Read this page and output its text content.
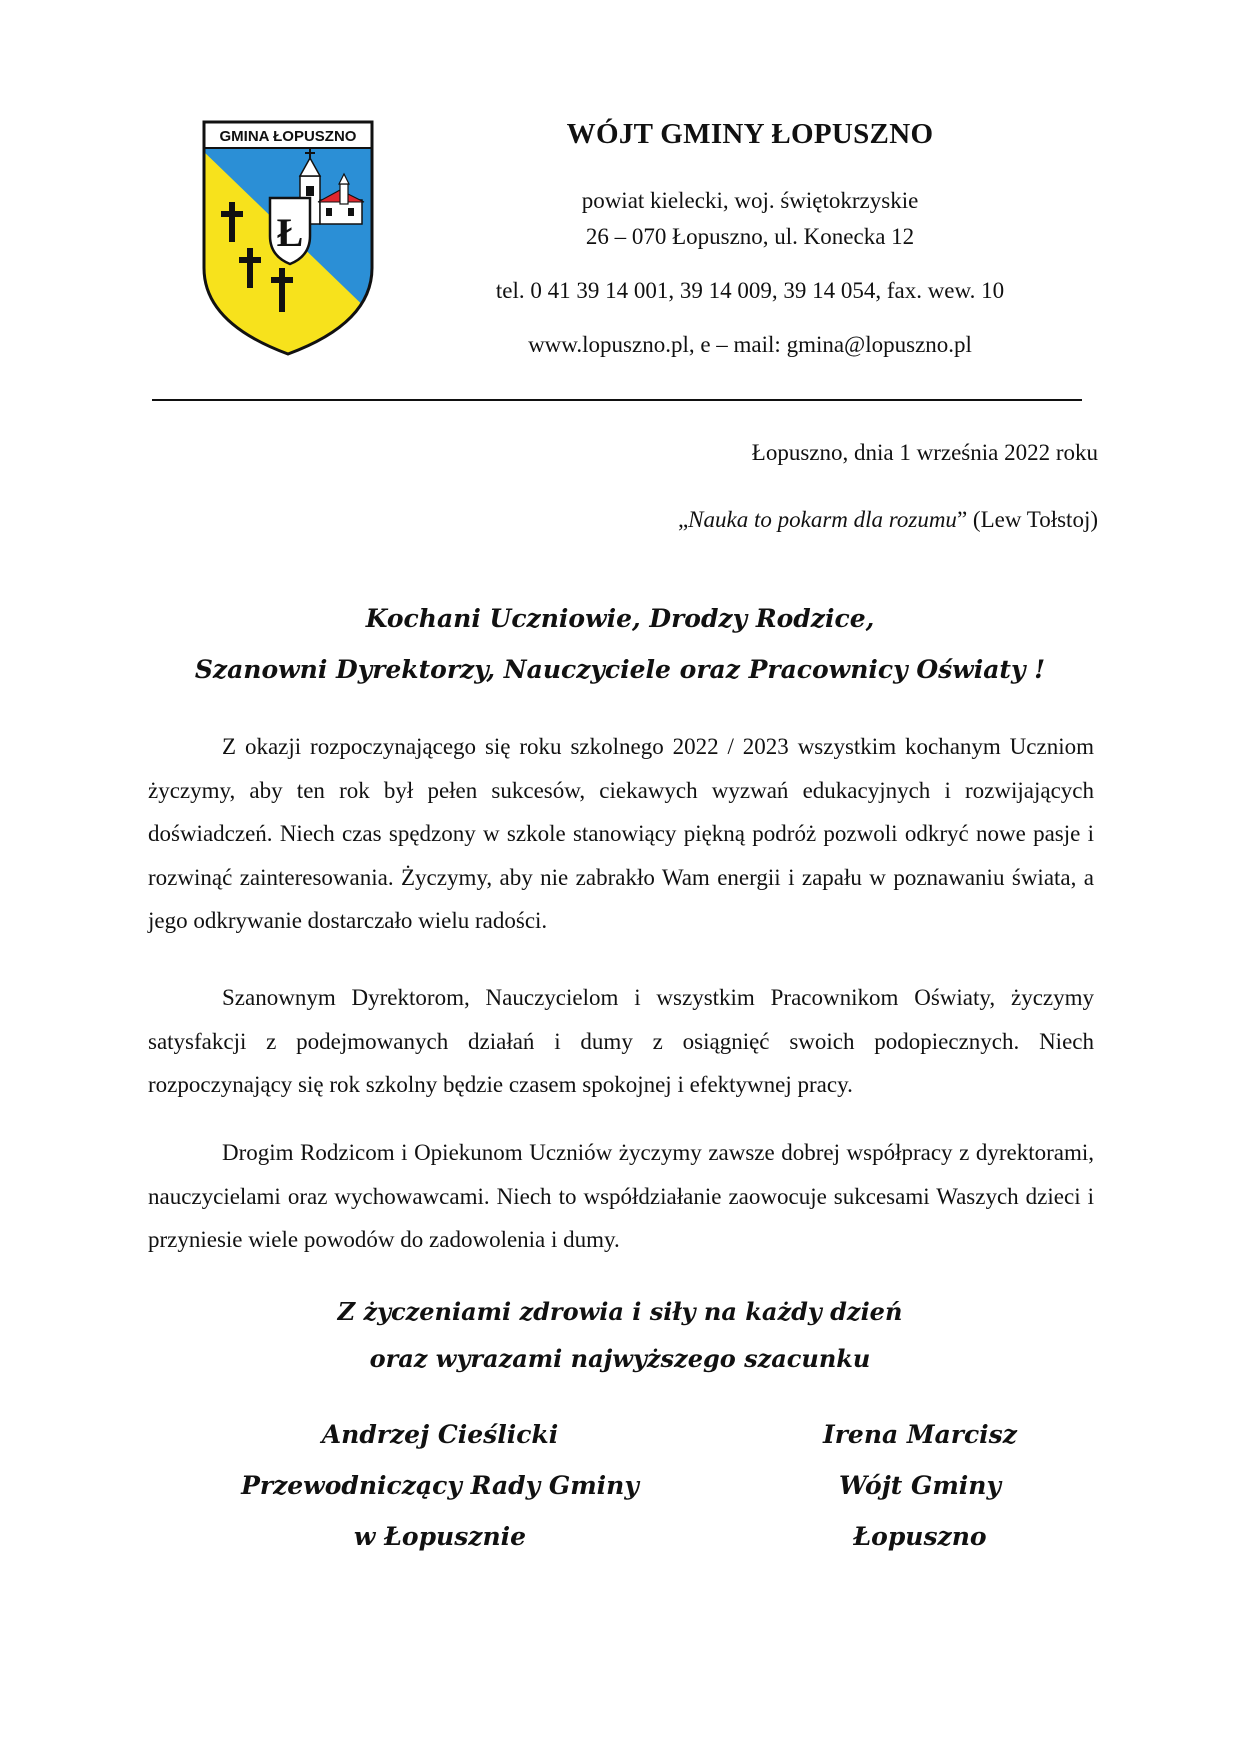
GMINA ŁOPUSZNO
Ł
WÓJT GMINY ŁOPUSZNO
powiat kielecki, woj. świętokrzyskie
26 – 070 Łopuszno, ul. Konecka 12
tel. 0 41 39 14 001, 39 14 009, 39 14 054, fax. wew. 10
www.lopuszno.pl, e – mail: gmina@lopuszno.pl
Łopuszno, dnia 1 września 2022 roku
„Nauka to pokarm dla rozumu” (Lew Tołstoj)
Kochani Uczniowie, Drodzy Rodzice,
Szanowni Dyrektorzy, Nauczyciele oraz Pracownicy Oświaty !

Z okazji rozpoczynającego się roku szkolnego 2022 / 2023 wszystkim kochanym Uczniom życzymy, aby ten rok był pełen sukcesów, ciekawych wyzwań edukacyjnych i rozwijających doświadczeń. Niech czas spędzony w szkole stanowiący piękną podróż pozwoli odkryć nowe pasje i rozwinąć zainteresowania. Życzymy, aby nie zabrakło Wam energii i zapału w poznawaniu świata, a jego odkrywanie dostarczało wielu radości.

Szanownym Dyrektorom, Nauczycielom i wszystkim Pracownikom Oświaty, życzymy satysfakcji z podejmowanych działań i dumy z osiągnięć swoich podopiecznych. Niech rozpoczynający się rok szkolny będzie czasem spokojnej i efektywnej pracy.

Drogim Rodzicom i Opiekunom Uczniów życzymy zawsze dobrej współpracy z dyrektorami, nauczycielami oraz wychowawcami. Niech to współdziałanie zaowocuje sukcesami Waszych dzieci i przyniesie wiele powodów do zadowolenia i dumy.

Z życzeniami zdrowia i siły na każdy dzień
oraz wyrazami najwyższego szacunku
Andrzej Cieślicki
Przewodniczący Rady Gminy
w Łopusznie
Irena Marcisz
Wójt Gminy
Łopuszno
